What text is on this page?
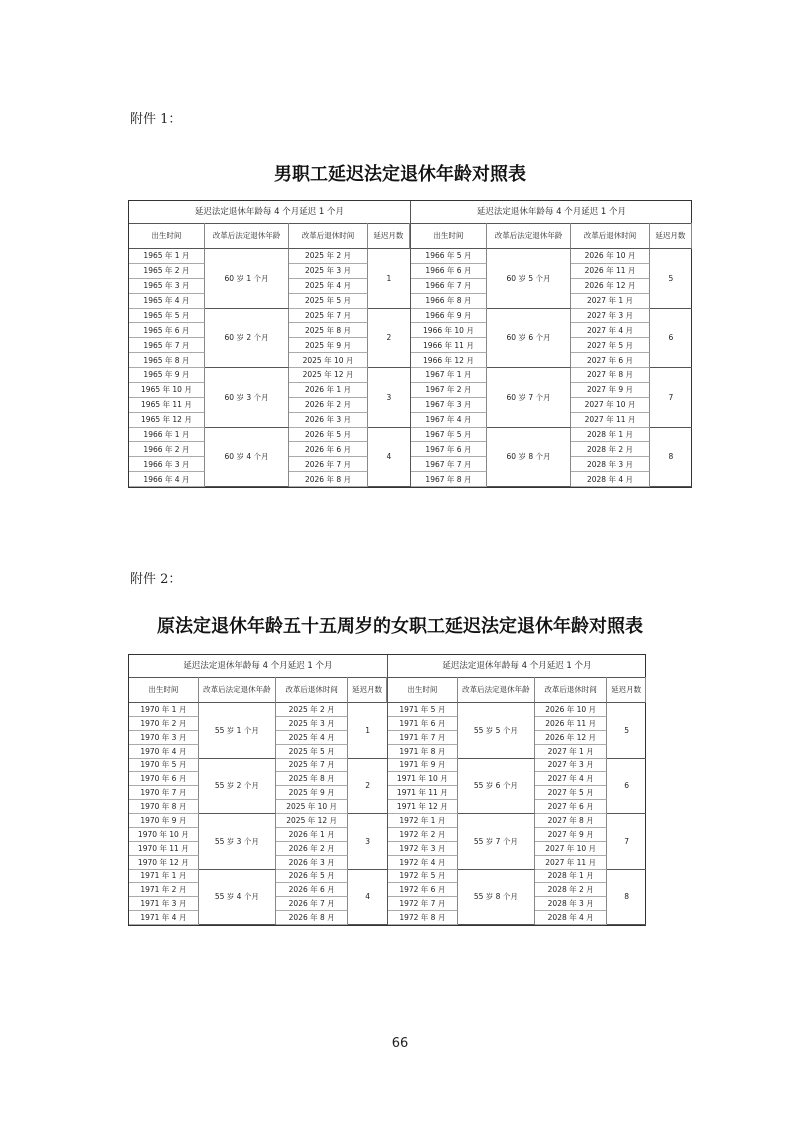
附件 1：
男职工延迟法定退休年龄对照表
延迟法定退休年龄每 4 个月延迟 1 个月
出生时间	改革后法定退休年龄	改革后退休时间	延迟月数
1965 年 1 月	2025 年 2 月
1965 年 2 月	2025 年 3 月
1965 年 3 月	2025 年 4 月
1965 年 4 月	2025 年 5 月
60 岁 1 个月	1
1965 年 5 月	2025 年 7 月
1965 年 6 月	2025 年 8 月
1965 年 7 月	2025 年 9 月
1965 年 8 月	2025 年 10 月
60 岁 2 个月	2
1965 年 9 月	2025 年 12 月
1965 年 10 月	2026 年 1 月
1965 年 11 月	2026 年 2 月
1965 年 12 月	2026 年 3 月
60 岁 3 个月	3
1966 年 1 月	2026 年 5 月
1966 年 2 月	2026 年 6 月
1966 年 3 月	2026 年 7 月
1966 年 4 月	2026 年 8 月
60 岁 4 个月	4
延迟法定退休年龄每 4 个月延迟 1 个月
出生时间	改革后法定退休年龄	改革后退休时间	延迟月数
1966 年 5 月	2026 年 10 月
1966 年 6 月	2026 年 11 月
1966 年 7 月	2026 年 12 月
1966 年 8 月	2027 年 1 月
60 岁 5 个月	5
1966 年 9 月	2027 年 3 月
1966 年 10 月	2027 年 4 月
1966 年 11 月	2027 年 5 月
1966 年 12 月	2027 年 6 月
60 岁 6 个月	6
1967 年 1 月	2027 年 8 月
1967 年 2 月	2027 年 9 月
1967 年 3 月	2027 年 10 月
1967 年 4 月	2027 年 11 月
60 岁 7 个月	7
1967 年 5 月	2028 年 1 月
1967 年 6 月	2028 年 2 月
1967 年 7 月	2028 年 3 月
1967 年 8 月	2028 年 4 月
60 岁 8 个月	8
附件 2：
原法定退休年龄五十五周岁的女职工延迟法定退休年龄对照表
延迟法定退休年龄每 4 个月延迟 1 个月
出生时间	改革后法定退休年龄	改革后退休时间	延迟月数
1970 年 1 月	2025 年 2 月
1970 年 2 月	2025 年 3 月
1970 年 3 月	2025 年 4 月
1970 年 4 月	2025 年 5 月
55 岁 1 个月	1
1970 年 5 月	2025 年 7 月
1970 年 6 月	2025 年 8 月
1970 年 7 月	2025 年 9 月
1970 年 8 月	2025 年 10 月
55 岁 2 个月	2
1970 年 9 月	2025 年 12 月
1970 年 10 月	2026 年 1 月
1970 年 11 月	2026 年 2 月
1970 年 12 月	2026 年 3 月
55 岁 3 个月	3
1971 年 1 月	2026 年 5 月
1971 年 2 月	2026 年 6 月
1971 年 3 月	2026 年 7 月
1971 年 4 月	2026 年 8 月
55 岁 4 个月	4
延迟法定退休年龄每 4 个月延迟 1 个月
出生时间	改革后法定退休年龄	改革后退休时间	延迟月数
1971 年 5 月	2026 年 10 月
1971 年 6 月	2026 年 11 月
1971 年 7 月	2026 年 12 月
1971 年 8 月	2027 年 1 月
55 岁 5 个月	5
1971 年 9 月	2027 年 3 月
1971 年 10 月	2027 年 4 月
1971 年 11 月	2027 年 5 月
1971 年 12 月	2027 年 6 月
55 岁 6 个月	6
1972 年 1 月	2027 年 8 月
1972 年 2 月	2027 年 9 月
1972 年 3 月	2027 年 10 月
1972 年 4 月	2027 年 11 月
55 岁 7 个月	7
1972 年 5 月	2028 年 1 月
1972 年 6 月	2028 年 2 月
1972 年 7 月	2028 年 3 月
1972 年 8 月	2028 年 4 月
55 岁 8 个月	8
66
